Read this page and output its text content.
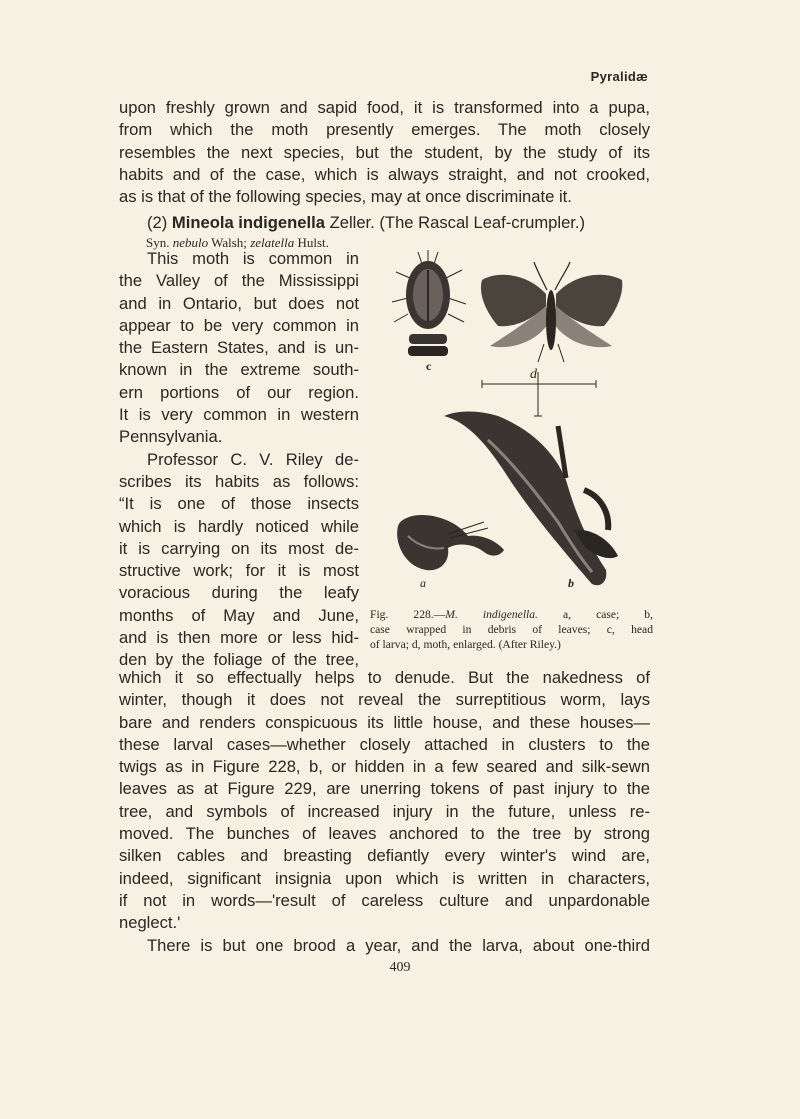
Pyralidæ
upon freshly grown and sapid food, it is transformed into a pupa,
from which the moth presently emerges. The moth closely
resembles the next species, but the student, by the study of its
habits and of the case, which is always straight, and not crooked,
as is that of the following species, may at once discriminate it.
(2) Mineola indigenella Zeller. (The Rascal Leaf-crumpler.)
Syn. nebulo Walsh; zelatella Hulst.
This moth is common in
the Valley of the Mississippi
and in Ontario, but does not
appear to be very common in
the Eastern States, and is un-
known in the extreme south-
ern portions of our region.
It is very common in western
Pennsylvania.
Professor C. V. Riley de-
scribes its habits as follows:
“It is one of those insects
which is hardly noticed while
it is carrying on its most de-
structive work; for it is most
voracious during the leafy
months of May and June,
and is then more or less hid-
den by the foliage of the tree,
c
d
b
a
Fig. 228.—M. indigenella. a, case; b,
case wrapped in debris of leaves; c, head
of larva; d, moth, enlarged. (After Riley.)
which it so effectually helps to denude. But the nakedness of
winter, though it does not reveal the surreptitious worm, lays
bare and renders conspicuous its little house, and these houses—
these larval cases—whether closely attached in clusters to the
twigs as in Figure 228, b, or hidden in a few seared and silk-sewn
leaves as at Figure 229, are unerring tokens of past injury to the
tree, and symbols of increased injury in the future, unless re-
moved. The bunches of leaves anchored to the tree by strong
silken cables and breasting defiantly every winter's wind are,
indeed, significant insignia upon which is written in characters,
if not in words—'result of careless culture and unpardonable
neglect.'
There is but one brood a year, and the larva, about one-third
409
